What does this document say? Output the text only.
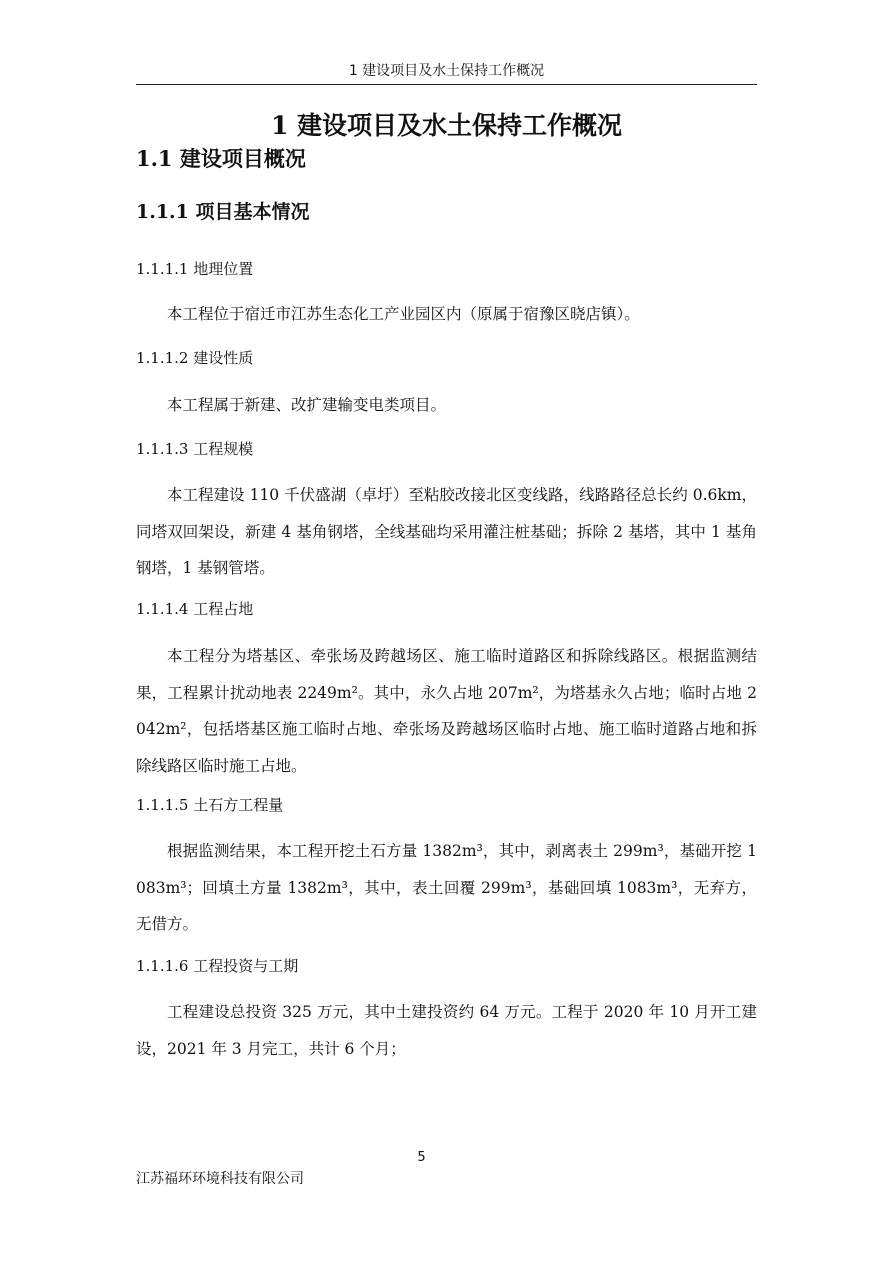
1 建设项目及水土保持工作概况
1 建设项目及水土保持工作概况
1.1 建设项目概况
1.1.1 项目基本情况
1.1.1.1 地理位置
本工程位于宿迁市江苏生态化工产业园区内（原属于宿豫区晓店镇）。
1.1.1.2 建设性质
本工程属于新建、改扩建输变电类项目。
1.1.1.3 工程规模
本工程建设 110 千伏盛湖（卓圩）至粘胶改接北区变线路，线路路径总长约 0.6km，同塔双回架设，新建 4 基角钢塔，全线基础均采用灌注桩基础；拆除 2 基塔，其中 1 基角钢塔，1 基钢管塔。
1.1.1.4 工程占地
本工程分为塔基区、牵张场及跨越场区、施工临时道路区和拆除线路区。根据监测结果，工程累计扰动地表 2249m²。其中，永久占地 207m²，为塔基永久占地；临时占地 2042m²，包括塔基区施工临时占地、牵张场及跨越场区临时占地、施工临时道路占地和拆除线路区临时施工占地。
1.1.1.5 土石方工程量
根据监测结果，本工程开挖土石方量 1382m³，其中，剥离表土 299m³，基础开挖 1083m³；回填土方量 1382m³，其中，表土回覆 299m³，基础回填 1083m³，无弃方，无借方。
1.1.1.6 工程投资与工期
工程建设总投资 325 万元，其中土建投资约 64 万元。工程于 2020 年 10 月开工建设，2021 年 3 月完工，共计 6 个月；
5
江苏福环环境科技有限公司
